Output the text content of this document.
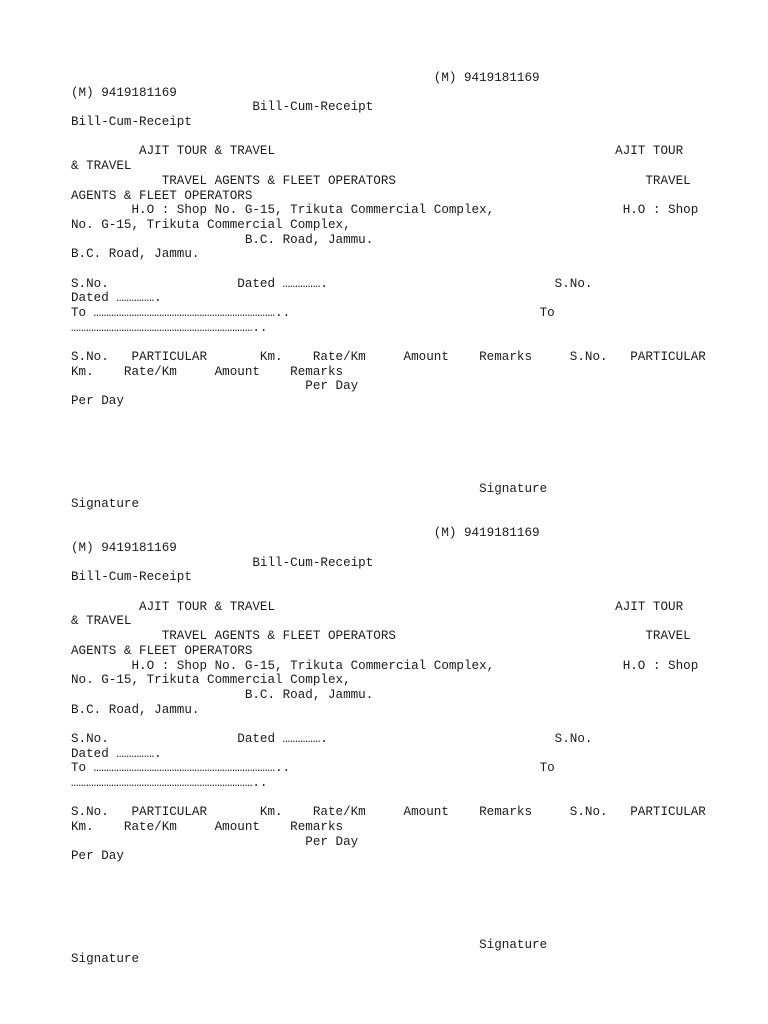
(M) 9419181169
(M) 9419181169
Bill-Cum-Receipt
Bill-Cum-Receipt
AJIT TOUR & TRAVEL                                             AJIT TOUR
& TRAVEL
TRAVEL AGENTS & FLEET OPERATORS                                 TRAVEL
AGENTS & FLEET OPERATORS
H.O : Shop No. G-15, Trikuta Commercial Complex,                 H.O : Shop
No. G-15, Trikuta Commercial Complex,
B.C. Road, Jammu.
B.C. Road, Jammu.
S.No.                 Dated …………….                              S.No.
Dated …………….
To ………………………………………………………………..                                 To
………………………………………………………………..
S.No.   PARTICULAR       Km.    Rate/Km     Amount    Remarks     S.No.   PARTICULAR
Km.    Rate/Km     Amount    Remarks
Per Day
Per Day
Signature
Signature
(M) 9419181169
(M) 9419181169
Bill-Cum-Receipt
Bill-Cum-Receipt
AJIT TOUR & TRAVEL                                             AJIT TOUR
& TRAVEL
TRAVEL AGENTS & FLEET OPERATORS                                 TRAVEL
AGENTS & FLEET OPERATORS
H.O : Shop No. G-15, Trikuta Commercial Complex,                 H.O : Shop
No. G-15, Trikuta Commercial Complex,
B.C. Road, Jammu.
B.C. Road, Jammu.
S.No.                 Dated …………….                              S.No.
Dated …………….
To ………………………………………………………………..                                 To
………………………………………………………………..
S.No.   PARTICULAR       Km.    Rate/Km     Amount    Remarks     S.No.   PARTICULAR
Km.    Rate/Km     Amount    Remarks
Per Day
Per Day
Signature
Signature
